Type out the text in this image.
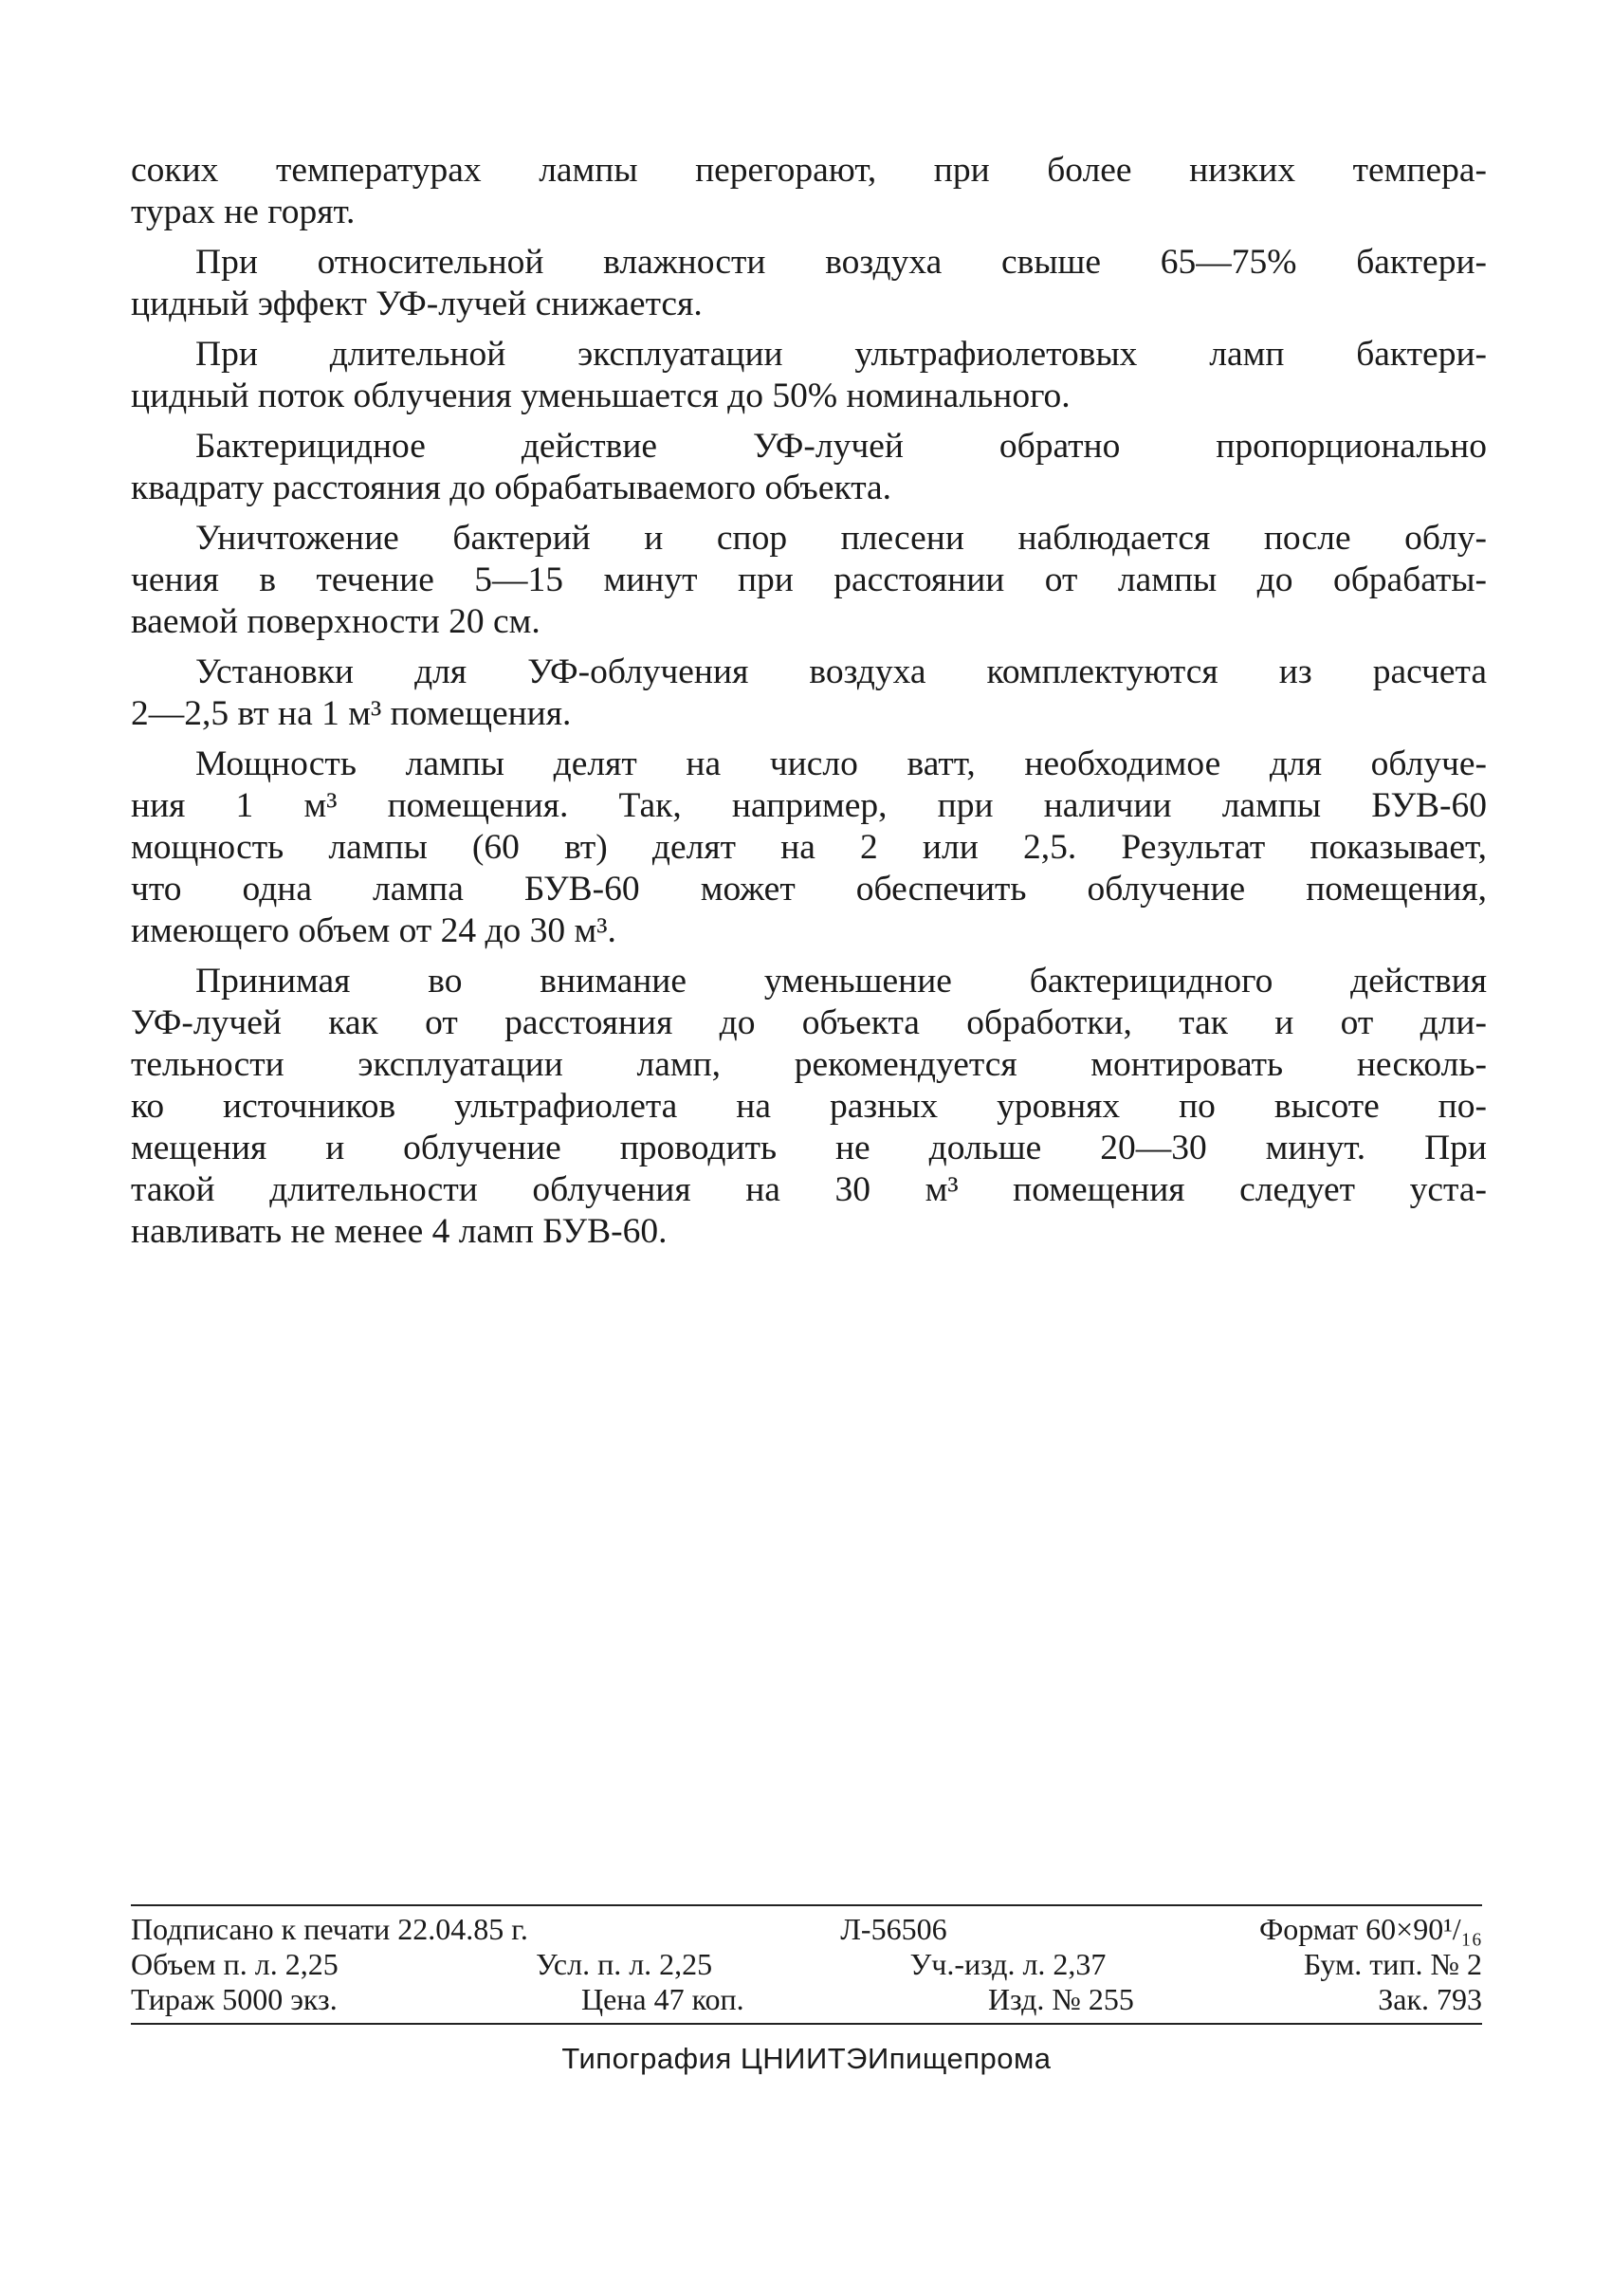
соких температурах лампы перегорают, при более низких темпера-
турах не горят.

При относительной влажности воздуха свыше 65—75% бактери-
цидный эффект УФ-лучей снижается.

При длительной эксплуатации ультрафиолетовых ламп бактери-
цидный поток облучения уменьшается до 50% номинального.

Бактерицидное действие УФ-лучей обратно пропорционально
квадрату расстояния до обрабатываемого объекта.

Уничтожение бактерий и спор плесени наблюдается после облу-
чения в течение 5—15 минут при расстоянии от лампы до обрабаты-
ваемой поверхности 20 см.

Установки для УФ-облучения воздуха комплектуются из расчета
2—2,5 вт на 1 м³ помещения.

Мощность лампы делят на число ватт, необходимое для облуче-
ния 1 м³ помещения. Так, например, при наличии лампы БУВ-60
мощность лампы (60 вт) делят на 2 или 2,5. Результат показывает,
что одна лампа БУВ-60 может обеспечить облучение помещения,
имеющего объем от 24 до 30 м³.

Принимая во внимание уменьшение бактерицидного действия
УФ-лучей как от расстояния до объекта обработки, так и от дли-
тельности эксплуатации ламп, рекомендуется монтировать несколь-
ко источников ультрафиолета на разных уровнях по высоте по-
мещения и облучение проводить не дольше 20—30 минут. При
такой длительности облучения на 30 м³ помещения следует уста-
навливать не менее 4 ламп БУВ-60.

Подписано к печати 22.04.85 г.	Л-56506	Формат 60×90¹/₁₆
Объем п. л. 2,25	Усл. п. л. 2,25	Уч.-изд. л. 2,37	Бум. тип. № 2
Тираж 5000 экз.	Цена 47 коп.	Изд. № 255	Зак. 793
Типография ЦНИИТЭИпищепрома
